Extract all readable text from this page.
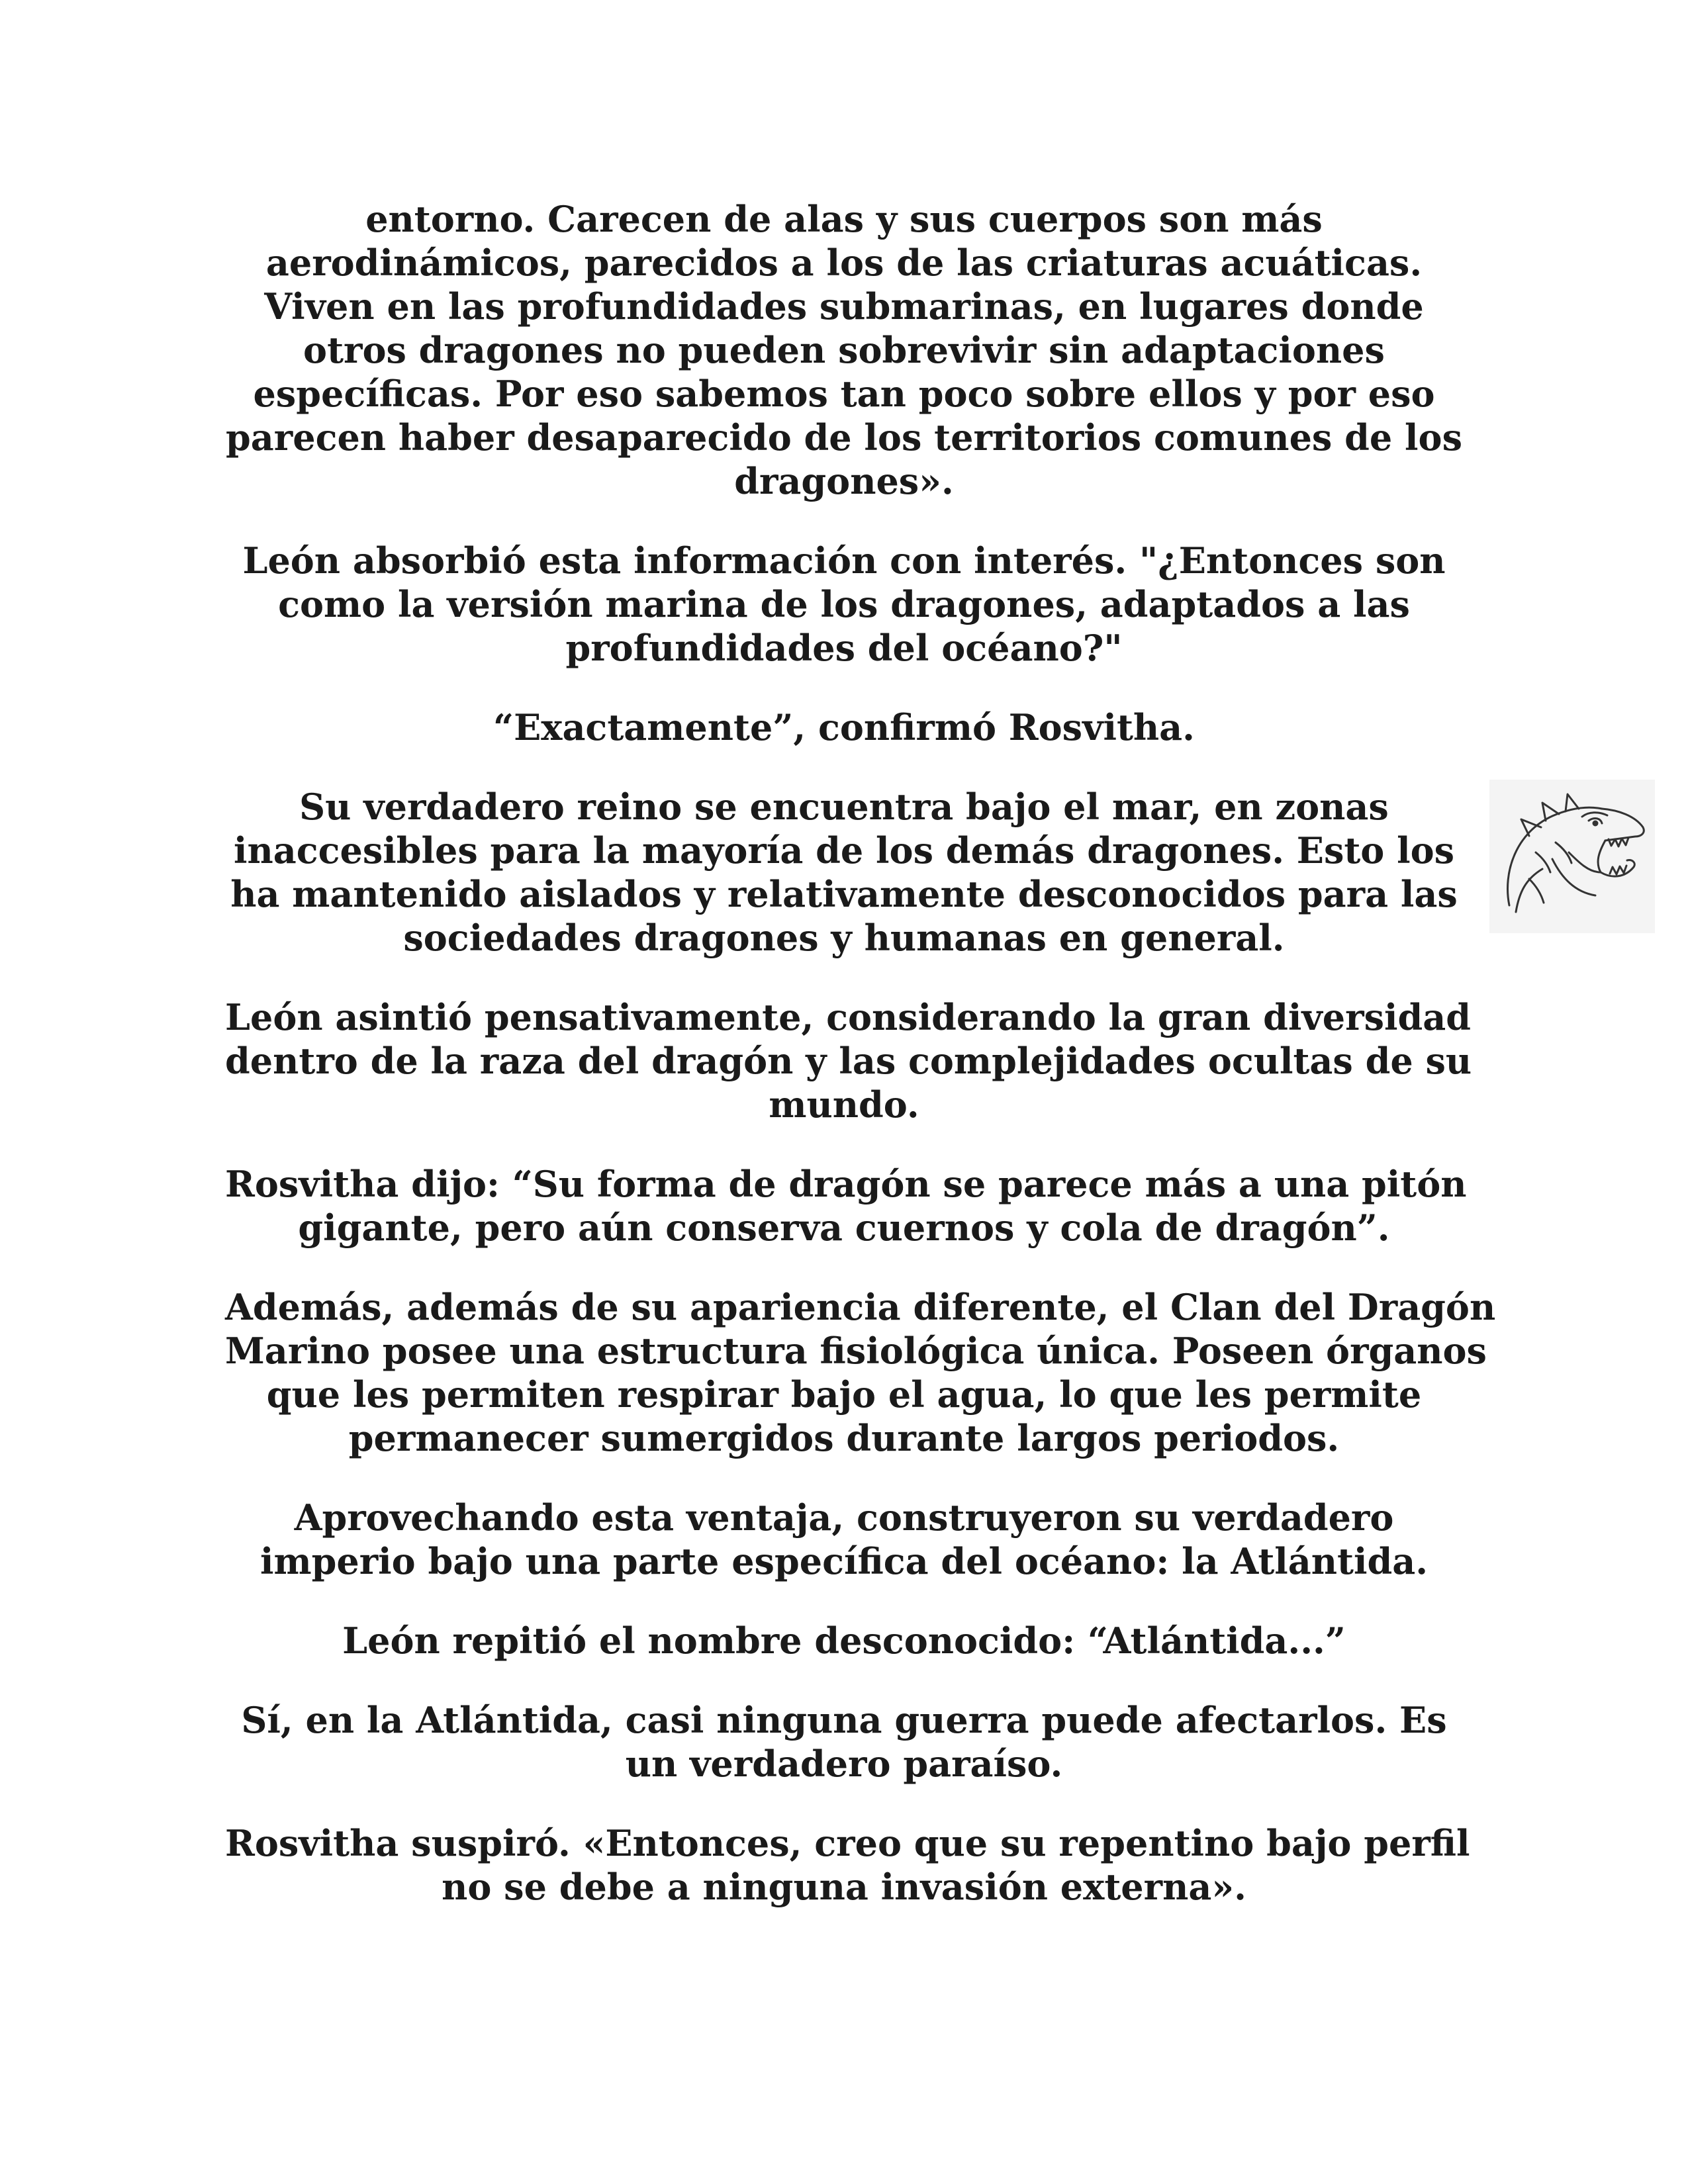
entorno. Carecen de alas y sus cuerpos son más
aerodinámicos, parecidos a los de las criaturas acuáticas.
Viven en las profundidades submarinas, en lugares donde
otros dragones no pueden sobrevivir sin adaptaciones
específicas. Por eso sabemos tan poco sobre ellos y por eso
parecen haber desaparecido de los territorios comunes de los
dragones».

León absorbió esta información con interés. "¿Entonces son
como la versión marina de los dragones, adaptados a las
profundidades del océano?"

“Exactamente”, confirmó Rosvitha.

Su verdadero reino se encuentra bajo el mar, en zonas
inaccesibles para la mayoría de los demás dragones. Esto los
ha mantenido aislados y relativamente desconocidos para las
sociedades dragones y humanas en general.

León asintió pensativamente, considerando la gran diversidad
dentro de la raza del dragón y las complejidades ocultas de su
mundo.

Rosvitha dijo: “Su forma de dragón se parece más a una pitón
gigante, pero aún conserva cuernos y cola de dragón”.

Además, además de su apariencia diferente, el Clan del Dragón
Marino posee una estructura fisiológica única. Poseen órganos
que les permiten respirar bajo el agua, lo que les permite
permanecer sumergidos durante largos periodos.

Aprovechando esta ventaja, construyeron su verdadero
imperio bajo una parte específica del océano: la Atlántida.

León repitió el nombre desconocido: “Atlántida...”

Sí, en la Atlántida, casi ninguna guerra puede afectarlos. Es
un verdadero paraíso.

Rosvitha suspiró. «Entonces, creo que su repentino bajo perfil
no se debe a ninguna invasión externa».
